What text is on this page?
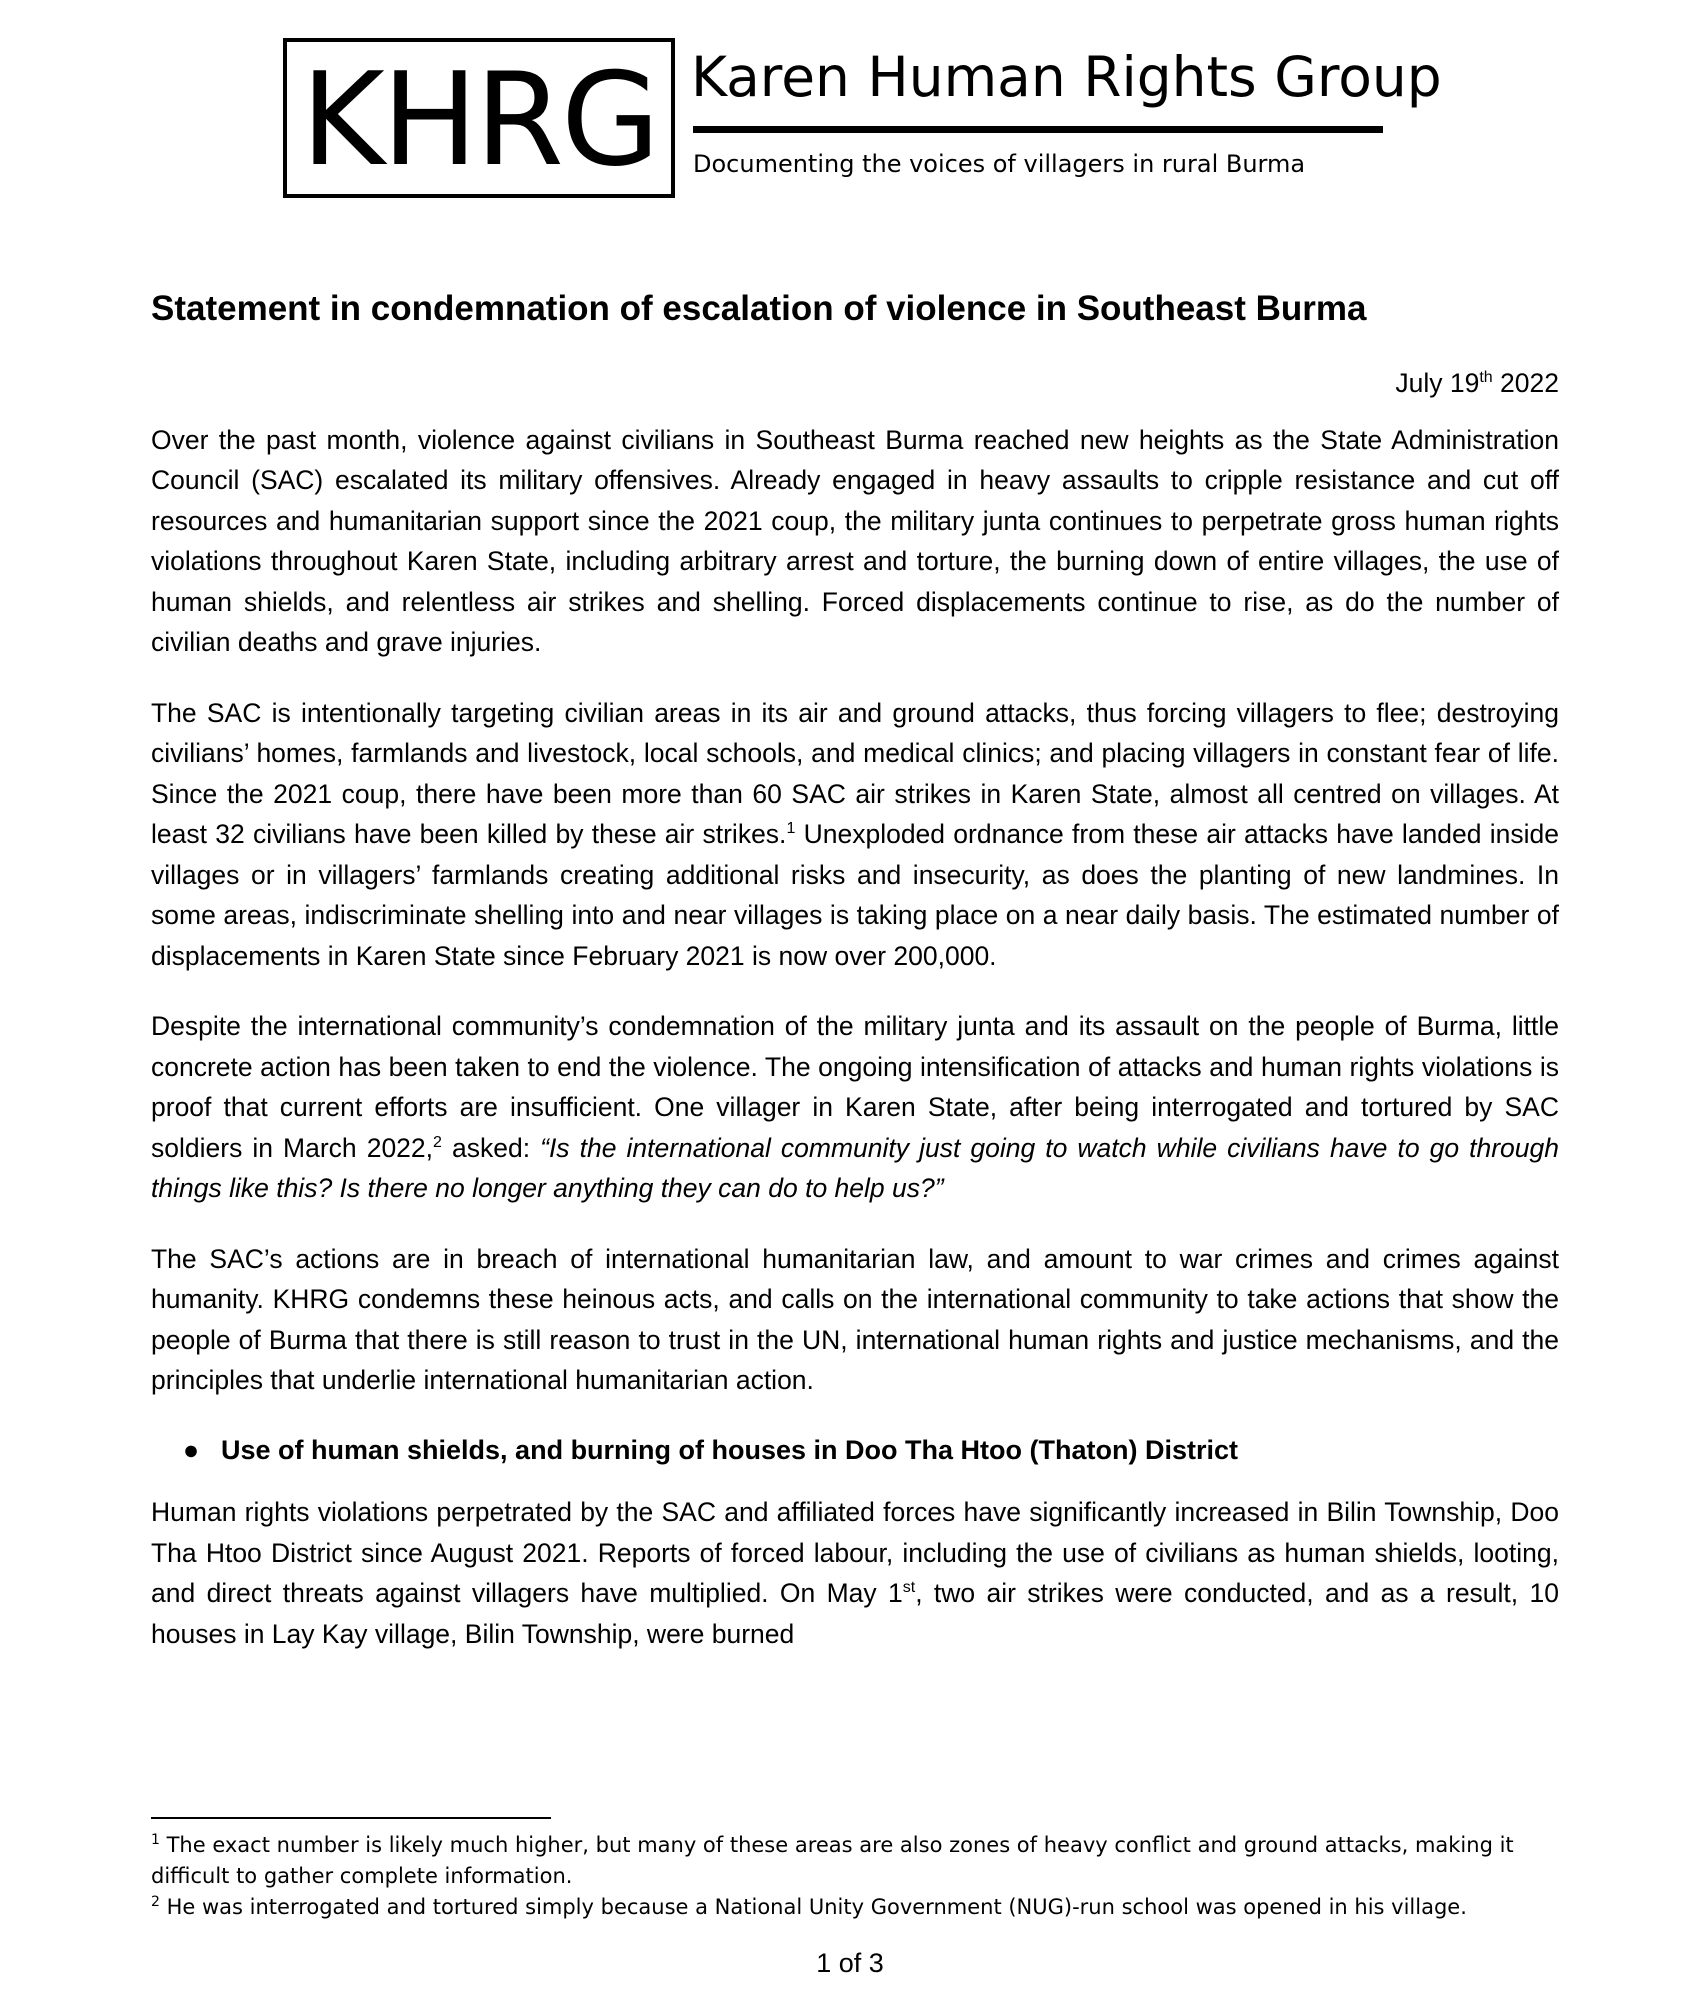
KHRG Karen Human Rights Group
Documenting the voices of villagers in rural Burma
Statement in condemnation of escalation of violence in Southeast Burma

July 19th 2022

Over the past month, violence against civilians in Southeast Burma reached new heights as the State Administration Council (SAC) escalated its military offensives. Already engaged in heavy assaults to cripple resistance and cut off resources and humanitarian support since the 2021 coup, the military junta continues to perpetrate gross human rights violations throughout Karen State, including arbitrary arrest and torture, the burning down of entire villages, the use of human shields, and relentless air strikes and shelling. Forced displacements continue to rise, as do the number of civilian deaths and grave injuries.

The SAC is intentionally targeting civilian areas in its air and ground attacks, thus forcing villagers to flee; destroying civilians’ homes, farmlands and livestock, local schools, and medical clinics; and placing villagers in constant fear of life. Since the 2021 coup, there have been more than 60 SAC air strikes in Karen State, almost all centred on villages. At least 32 civilians have been killed by these air strikes.$^1$ Unexploded ordnance from these air attacks have landed inside villages or in villagers’ farmlands creating additional risks and insecurity, as does the planting of new landmines. In some areas, indiscriminate shelling into and near villages is taking place on a near daily basis. The estimated number of displacements in Karen State since February 2021 is now over 200,000.

Despite the international community’s condemnation of the military junta and its assault on the people of Burma, little concrete action has been taken to end the violence. The ongoing intensification of attacks and human rights violations is proof that current efforts are insufficient. One villager in Karen State, after being interrogated and tortured by SAC soldiers in March 2022,$^2$ asked: “Is the international community just going to watch while civilians have to go through things like this? Is there no longer anything they can do to help us?”

The SAC’s actions are in breach of international humanitarian law, and amount to war crimes and crimes against humanity. KHRG condemns these heinous acts, and calls on the international community to take actions that show the people of Burma that there is still reason to trust in the UN, international human rights and justice mechanisms, and the principles that underlie international humanitarian action.

● Use of human shields, and burning of houses in Doo Tha Htoo (Thaton) District

Human rights violations perpetrated by the SAC and affiliated forces have significantly increased in Bilin Township, Doo Tha Htoo District since August 2021. Reports of forced labour, including the use of civilians as human shields, looting, and direct threats against villagers have multiplied. On May 1st, two air strikes were conducted, and as a result, 10 houses in Lay Kay village, Bilin Township, were burned

$^1$ The exact number is likely much higher, but many of these areas are also zones of heavy conflict and ground attacks, making it difficult to gather complete information.

$^2$ He was interrogated and tortured simply because a National Unity Government (NUG)-run school was opened in his village.

1 of 3
